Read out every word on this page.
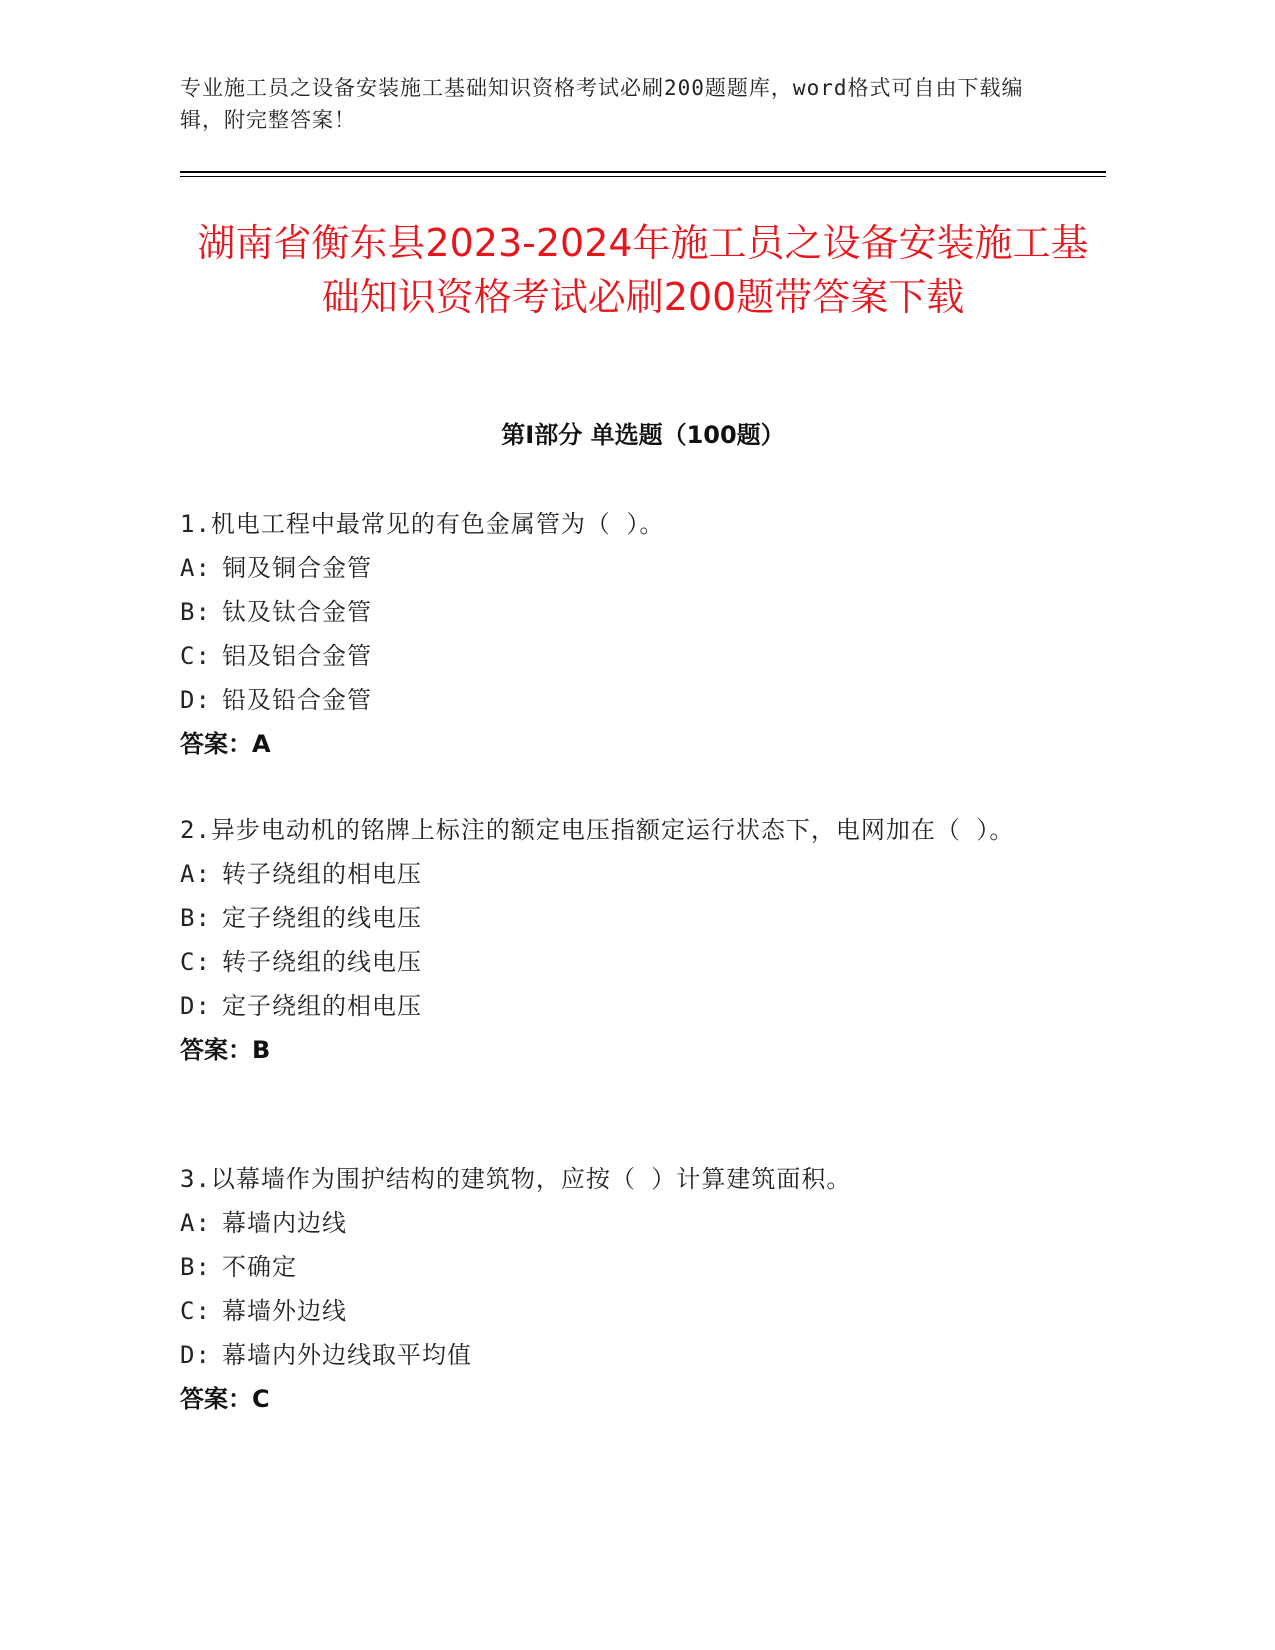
专业施工员之设备安装施工基础知识资格考试必刷200题题库，word格式可自由下载编辑，附完整答案！
湖南省衡东县2023-2024年施工员之设备安装施工基础知识资格考试必刷200题带答案下载
第Ⅰ部分 单选题（100题）
1.机电工程中最常见的有色金属管为（ ）。
A: 铜及铜合金管
B: 钛及钛合金管
C: 铝及铝合金管
D: 铅及铅合金管
答案：A
2.异步电动机的铭牌上标注的额定电压指额定运行状态下，电网加在（ ）。
A: 转子绕组的相电压
B: 定子绕组的线电压
C: 转子绕组的线电压
D: 定子绕组的相电压
答案：B
3.以幕墙作为围护结构的建筑物，应按（ ）计算建筑面积。
A: 幕墙内边线
B: 不确定
C: 幕墙外边线
D: 幕墙内外边线取平均值
答案：C
